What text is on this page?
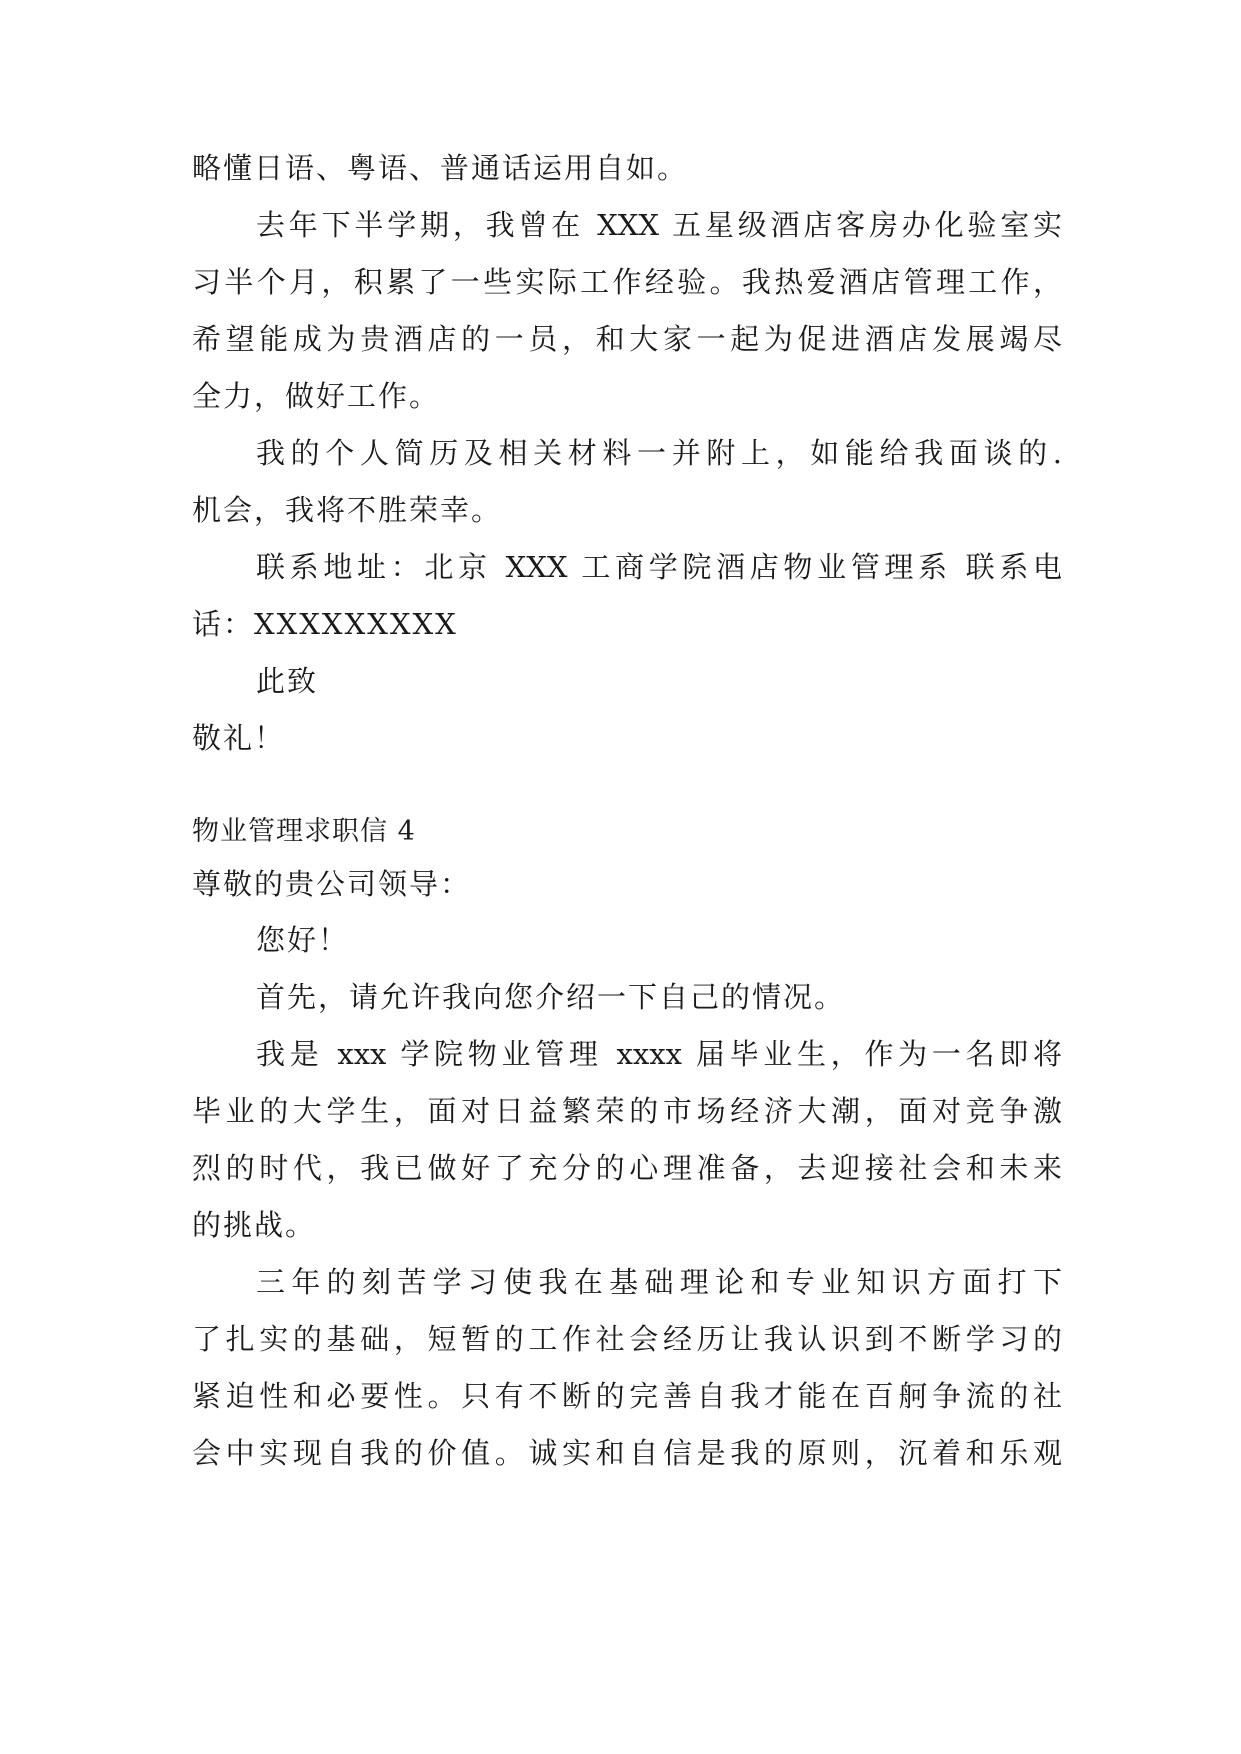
略懂日语、粤语、普通话运用自如。
去年下半学期，我曾在 XXX 五星级酒店客房办化验室实
习半个月，积累了一些实际工作经验。我热爱酒店管理工作，
希望能成为贵酒店的一员，和大家一起为促进酒店发展竭尽
全力，做好工作。
我的个人简历及相关材料一并附上，如能给我面谈的.
机会，我将不胜荣幸。
联系地址：北京 XXX 工商学院酒店物业管理系 联系电
话：XXXXXXXXX
此致
敬礼！
物业管理求职信 4
尊敬的贵公司领导：
您好！
首先，请允许我向您介绍一下自己的情况。
我是 xxx 学院物业管理 xxxx 届毕业生，作为一名即将
毕业的大学生，面对日益繁荣的市场经济大潮，面对竞争激
烈的时代，我已做好了充分的心理准备，去迎接社会和未来
的挑战。
三年的刻苦学习使我在基础理论和专业知识方面打下
了扎实的基础，短暂的工作社会经历让我认识到不断学习的
紧迫性和必要性。只有不断的完善自我才能在百舸争流的社
会中实现自我的价值。诚实和自信是我的原则，沉着和乐观
